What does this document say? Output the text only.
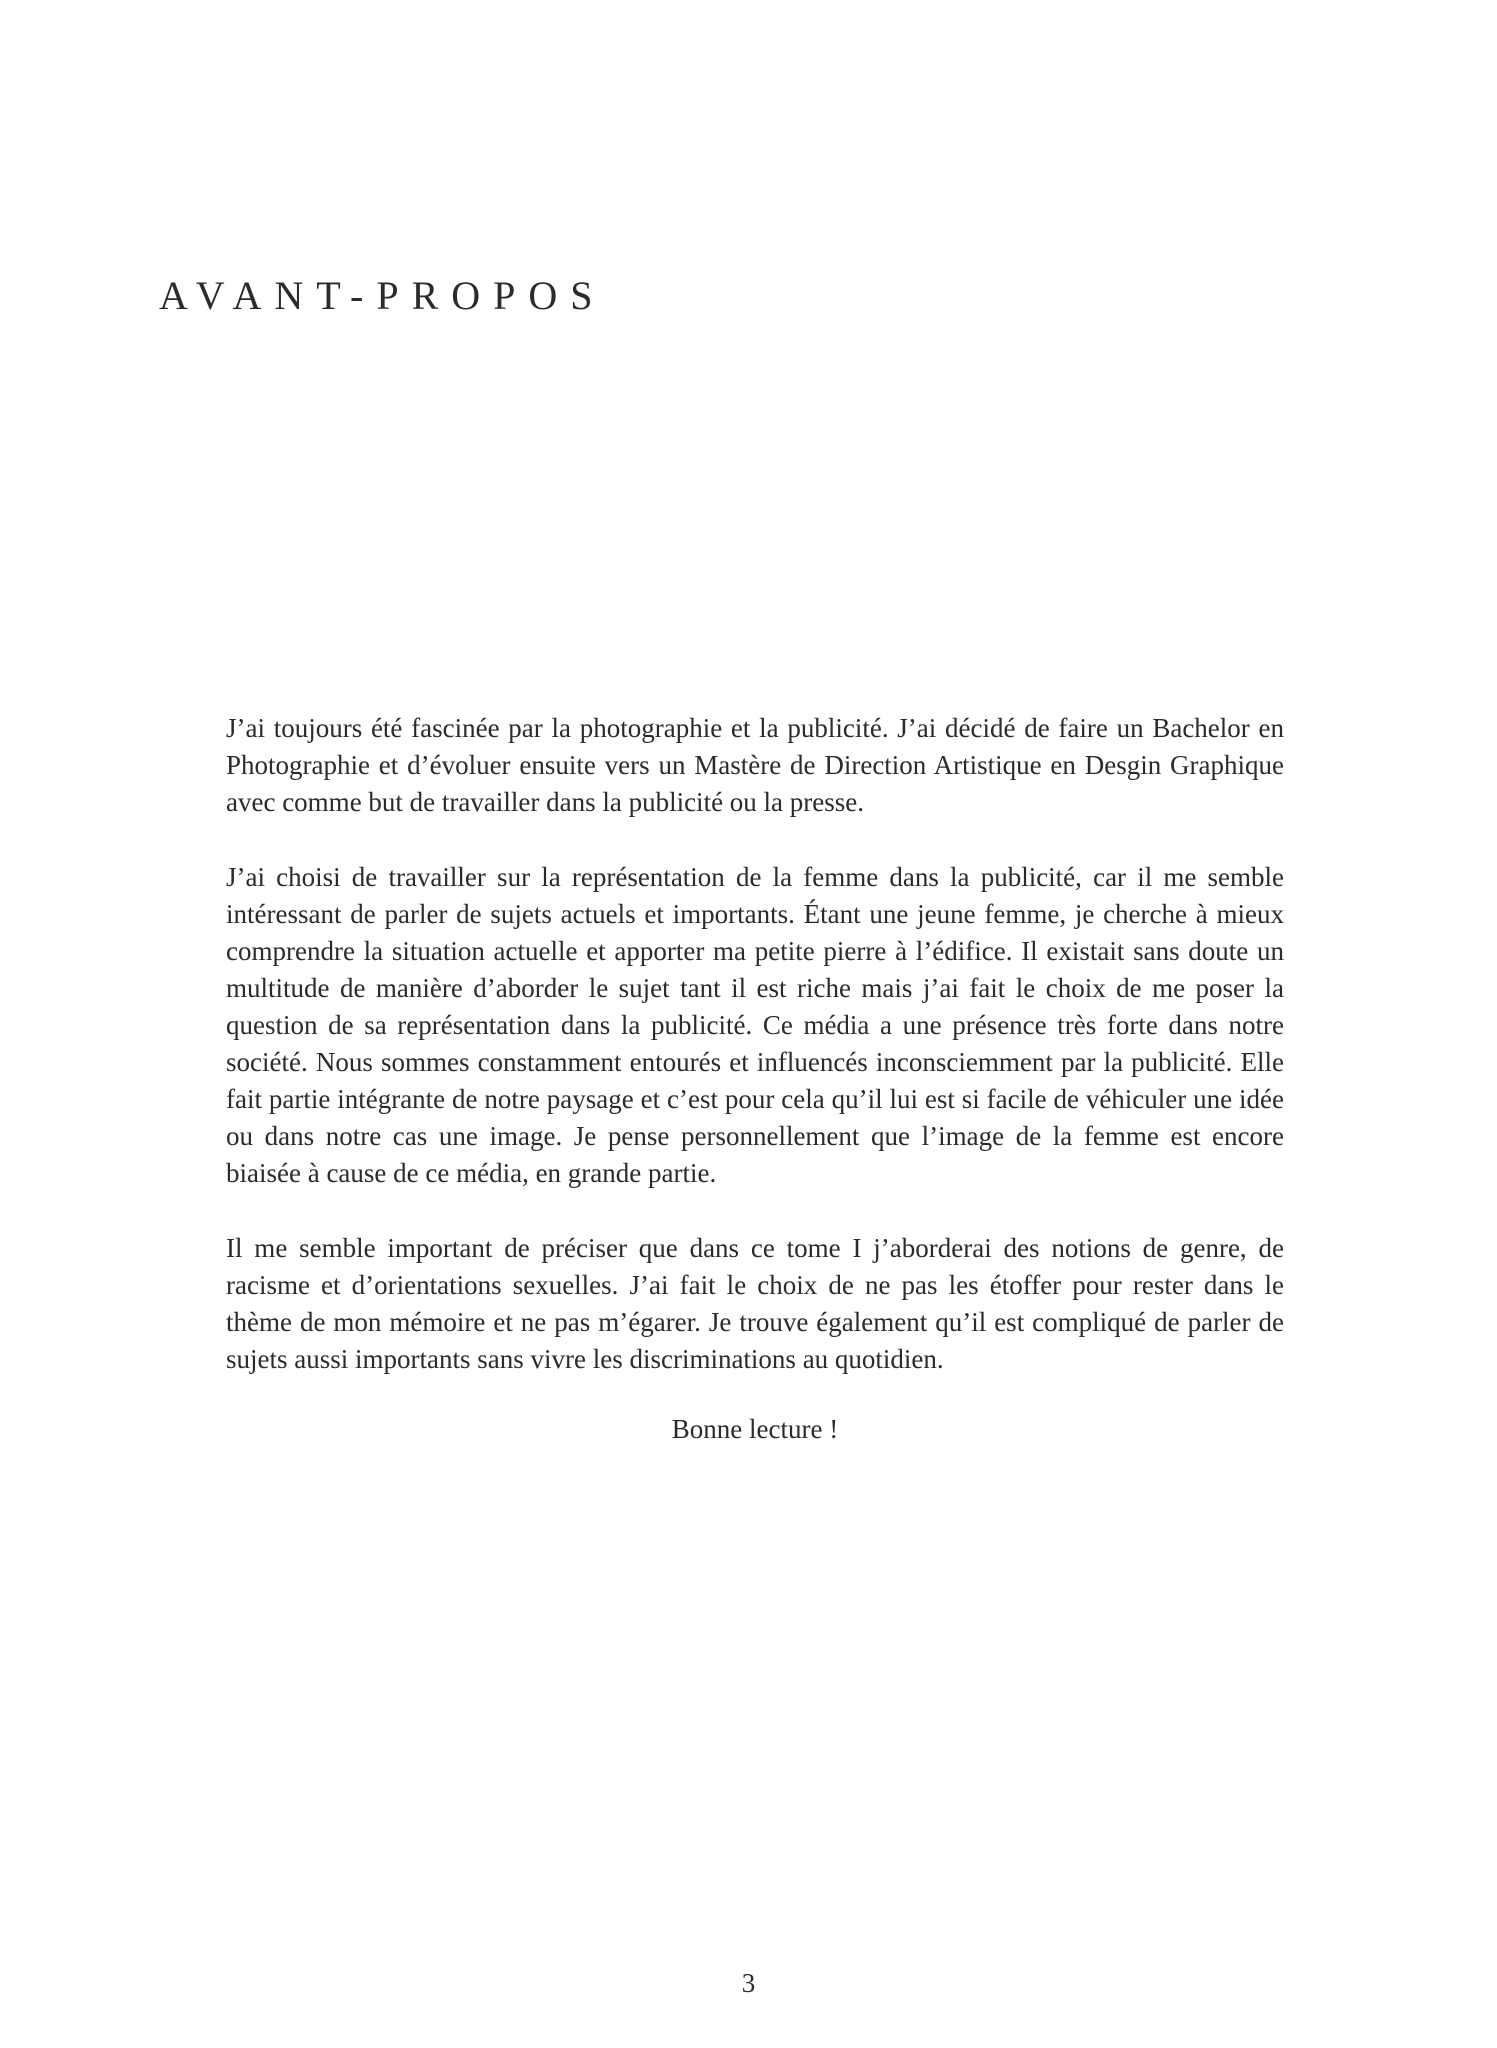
AVANT-PROPOS

J’ai toujours été fascinée par la photographie et la publicité. J’ai décidé de faire un Bachelor en Photographie et d’évoluer ensuite vers un Mastère de Direction Artistique en Desgin Graphique avec comme but de travailler dans la publicité ou la presse.

J’ai choisi de travailler sur la représentation de la femme dans la publicité, car il me semble intéressant de parler de sujets actuels et importants. Étant une jeune femme, je cherche à mieux comprendre la situation actuelle et apporter ma petite pierre à l’édifice. Il existait sans doute un multitude de manière d’aborder le sujet tant il est riche mais j’ai fait le choix de me poser la question de sa représentation dans la publicité. Ce média a une présence très forte dans notre société. Nous sommes constamment entourés et influencés inconsciemment par la publicité. Elle fait partie intégrante de notre paysage et c’est pour cela qu’il lui est si facile de véhiculer une idée ou dans notre cas une image. Je pense personnellement que l’image de la femme est encore biaisée à cause de ce média, en grande partie.

Il me semble important de préciser que dans ce tome I j’aborderai des notions de genre, de racisme et d’orientations sexuelles. J’ai fait le choix de ne pas les étoffer pour rester dans le thème de mon mémoire et ne pas m’égarer. Je trouve également qu’il est compliqué de parler de sujets aussi importants sans vivre les discriminations au quotidien.

Bonne lecture !

3
